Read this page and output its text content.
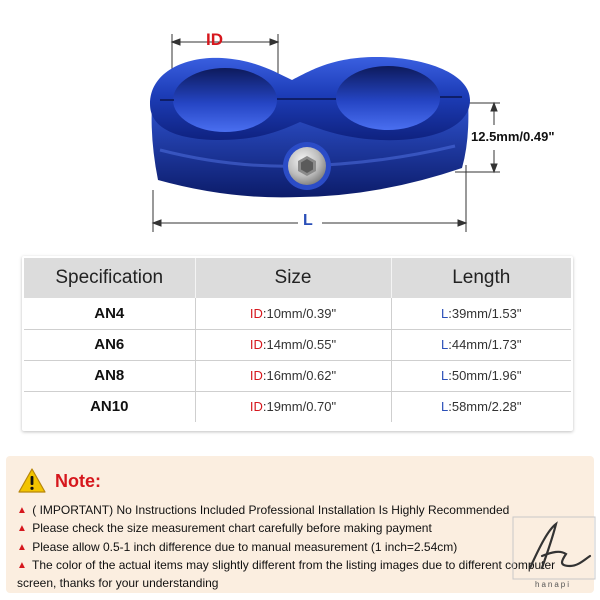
ID
L
12.5mm/0.49"
Specification	Size	Length
AN4	ID:10mm/0.39"	L:39mm/1.53"
AN6	ID:14mm/0.55"	L:44mm/1.73"
AN8	ID:16mm/0.62"	L:50mm/1.96"
AN10	ID:19mm/0.70"	L:58mm/2.28"
Note:
▲ ( IMPORTANT) No Instructions Included Professional Installation Is Highly Recommended
▲ Please check the size measurement chart carefully before making payment
▲ Please allow 0.5-1 inch difference due to manual measurement (1 inch=2.54cm)
▲ The color of the actual items may slightly different from the listing images due to different computer
screen, thanks for your understanding	hanapi
